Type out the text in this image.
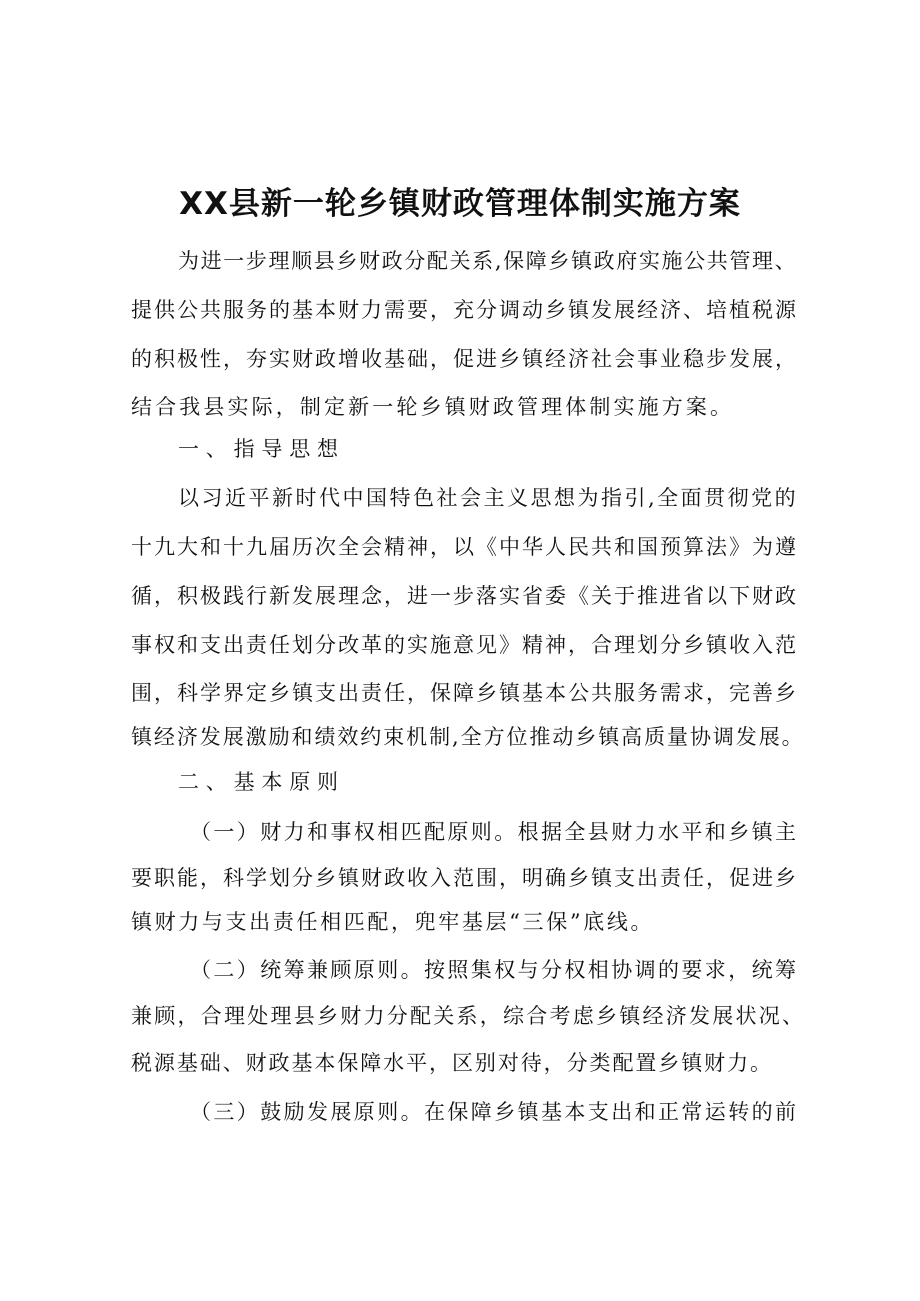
XX县新一轮乡镇财政管理体制实施方案
为进一步理顺县乡财政分配关系,保障乡镇政府实施公共管理、
提供公共服务的基本财力需要，充分调动乡镇发展经济、培植税源
的积极性，夯实财政增收基础，促进乡镇经济社会事业稳步发展，
结合我县实际，制定新一轮乡镇财政管理体制实施方案。
一、指导思想
以习近平新时代中国特色社会主义思想为指引,全面贯彻党的
十九大和十九届历次全会精神，以《中华人民共和国预算法》为遵
循，积极践行新发展理念，进一步落实省委《关于推进省以下财政
事权和支出责任划分改革的实施意见》精神，合理划分乡镇收入范
围，科学界定乡镇支出责任，保障乡镇基本公共服务需求，完善乡
镇经济发展激励和绩效约束机制,全方位推动乡镇高质量协调发展。
二、基本原则
（一）财力和事权相匹配原则。根据全县财力水平和乡镇主
要职能，科学划分乡镇财政收入范围，明确乡镇支出责任，促进乡
镇财力与支出责任相匹配，兜牢基层“三保”底线。
（二）统筹兼顾原则。按照集权与分权相协调的要求，统筹
兼顾，合理处理县乡财力分配关系，综合考虑乡镇经济发展状况、
税源基础、财政基本保障水平，区别对待，分类配置乡镇财力。
（三）鼓励发展原则。在保障乡镇基本支出和正常运转的前
